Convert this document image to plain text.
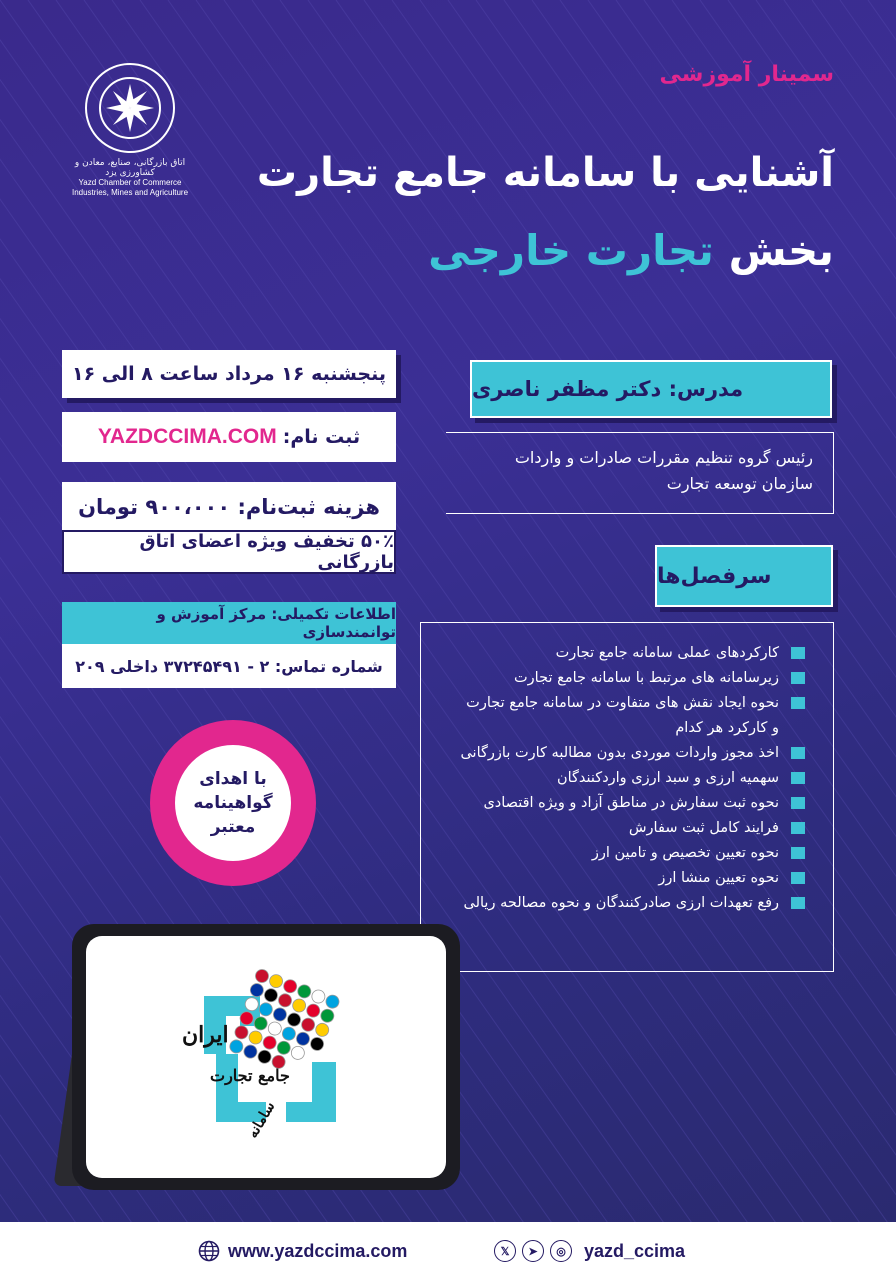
اتاق بازرگانی، صنایع، معادن و کشاورزی یزد
Yazd Chamber of Commerce
Industries, Mines and Agriculture
سمینار آموزشی
آشنایی با سامانه جامع تجارت
بخش تجارت خارجی
مدرس: دکتر مظفر ناصری
رئیس گروه تنظیم مقررات صادرات و واردات
سازمان توسعه تجارت
سرفصل‌ها
کارکردهای عملی سامانه جامع تجارت
زیرسامانه های مرتبط با سامانه جامع تجارت
نحوه ایجاد نقش های متفاوت در سامانه جامع تجارت
و کارکرد هر کدام
اخذ مجوز واردات موردی بدون مطالبه کارت بازرگانی
سهمیه ارزی و سبد ارزی واردکنندگان
نحوه ثبت سفارش در مناطق آزاد و ویژه اقتصادی
فرایند کامل ثبت سفارش
نحوه تعیین تخصیص و تامین ارز
نحوه تعیین منشا ارز
رفع تعهدات ارزی صادرکنندگان و نحوه مصالحه ریالی
پنجشنبه ۱۶ مرداد ساعت ۸ الی ۱۶
ثبت نام:
YAZDCCIMA.COM
هزینه ثبت‌نام: ۹۰۰،۰۰۰ تومان
۵۰٪ تخفیف ویژه اعضای اتاق بازرگانی
اطلاعات تکمیلی: مرکز آموزش و توانمندسازی
شماره تماس: ۲ - ۳۷۲۴۵۴۹۱ داخلی ۲۰۹
با اهدای
گواهینامه
معتبر
ایران
جامع تجارت
سامانه
www.yazdccima.com	𝕏	➤	◎	yazd_ccima
